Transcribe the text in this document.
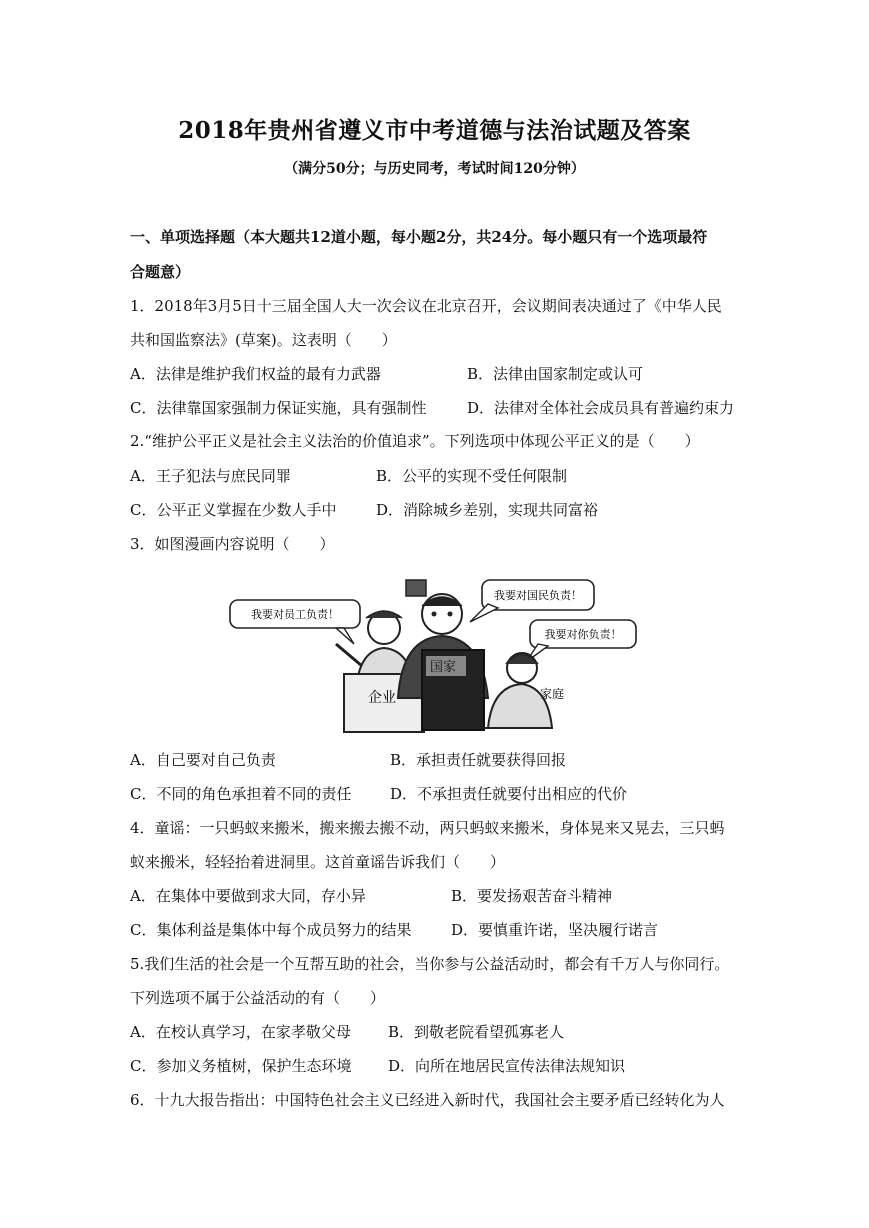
2018年贵州省遵义市中考道德与法治试题及答案
（满分50分；与历史同考，考试时间120分钟）
一、单项选择题（本大题共12道小题，每小题2分，共24分。每小题只有一个选项最符
合题意）
1．2018年3月5日十三届全国人大一次会议在北京召开，会议期间表决通过了《中华人民
共和国监察法》(草案)。这表明（　　）
A．法律是维护我们权益的最有力武器	B．法律由国家制定或认可
C．法律靠国家强制力保证实施，具有强制性	D．法律对全体社会成员具有普遍约束力
2.“维护公平正义是社会主义法治的价值追求”。下列选项中体现公平正义的是（　　）
A．王子犯法与庶民同罪	B．公平的实现不受任何限制
C．公平正义掌握在少数人手中	D．消除城乡差别，实现共同富裕
3．如图漫画内容说明（　　）
我要对员工负责！
我要对国民负责！
我要对你负责！
企业
国家
家庭
A．自己要对自己负责	B．承担责任就要获得回报
C．不同的角色承担着不同的责任	D．不承担责任就要付出相应的代价
4．童谣：一只蚂蚁来搬米，搬来搬去搬不动，两只蚂蚁来搬米，身体晃来又晃去，三只蚂
蚁来搬米，轻轻抬着进洞里。这首童谣告诉我们（　　）
A．在集体中要做到求大同，存小异	B．要发扬艰苦奋斗精神
C．集体利益是集体中每个成员努力的结果	D．要慎重许诺，坚决履行诺言
5.我们生活的社会是一个互帮互助的社会，当你参与公益活动时，都会有千万人与你同行。
下列选项不属于公益活动的有（　　）
A．在校认真学习，在家孝敬父母 B．到敬老院看望孤寡老人
C．参加义务植树，保护生态环境 D．向所在地居民宣传法律法规知识
6．十九大报告指出：中国特色社会主义已经进入新时代，我国社会主要矛盾已经转化为人
